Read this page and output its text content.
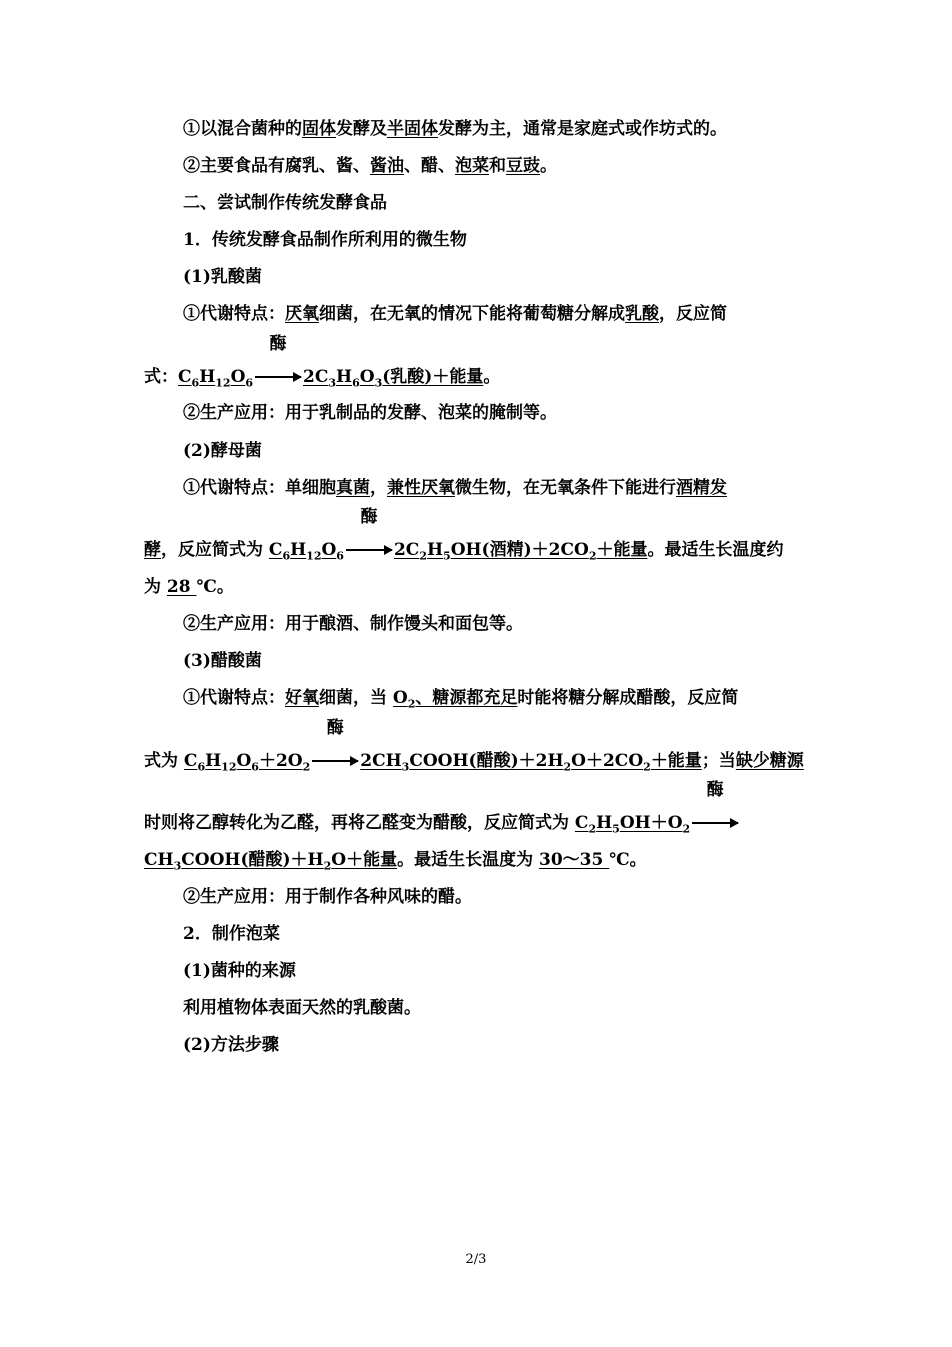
①以混合菌种的固体发酵及半固体发酵为主，通常是家庭式或作坊式的。
②主要食品有腐乳、酱、酱油、醋、泡菜和豆豉。
二、尝试制作传统发酵食品
1．传统发酵食品制作所利用的微生物
(1)乳酸菌
①代谢特点：厌氧细菌，在无氧的情况下能将葡萄糖分解成乳酸，反应简
式：$C_6H_{12}O_6$
酶
$2C_3H_6O_3$(乳酸)＋能量。
②生产应用：用于乳制品的发酵、泡菜的腌制等。
(2)酵母菌
①代谢特点：单细胞真菌，兼性厌氧微生物，在无氧条件下能进行酒精发
酵，反应简式为 $C_6H_{12}O_6$
酶
$2C_2H_5OH$(酒精)$+2CO_2+$能量。最适生长温度约
为 28 ℃。
②生产应用：用于酿酒、制作馒头和面包等。
(3)醋酸菌
①代谢特点：好氧细菌，当 $O_2$、糖源都充足时能将糖分解成醋酸，反应简
式为 $C_6H_{12}O_6+2O_2$
酶
$2CH_3COOH$(醋酸)$+2H_2O+2CO_2+$能量；当缺少糖源
时则将乙醇转化为乙醛，再将乙醛变为醋酸，反应简式为 $C_2H_5OH+O_2$
酶
$CH_3COOH$(醋酸)$+H_2O+$能量。最适生长温度为 30～35 ℃。
②生产应用：用于制作各种风味的醋。
2．制作泡菜
(1)菌种的来源
利用植物体表面天然的乳酸菌。
(2)方法步骤
2/3
